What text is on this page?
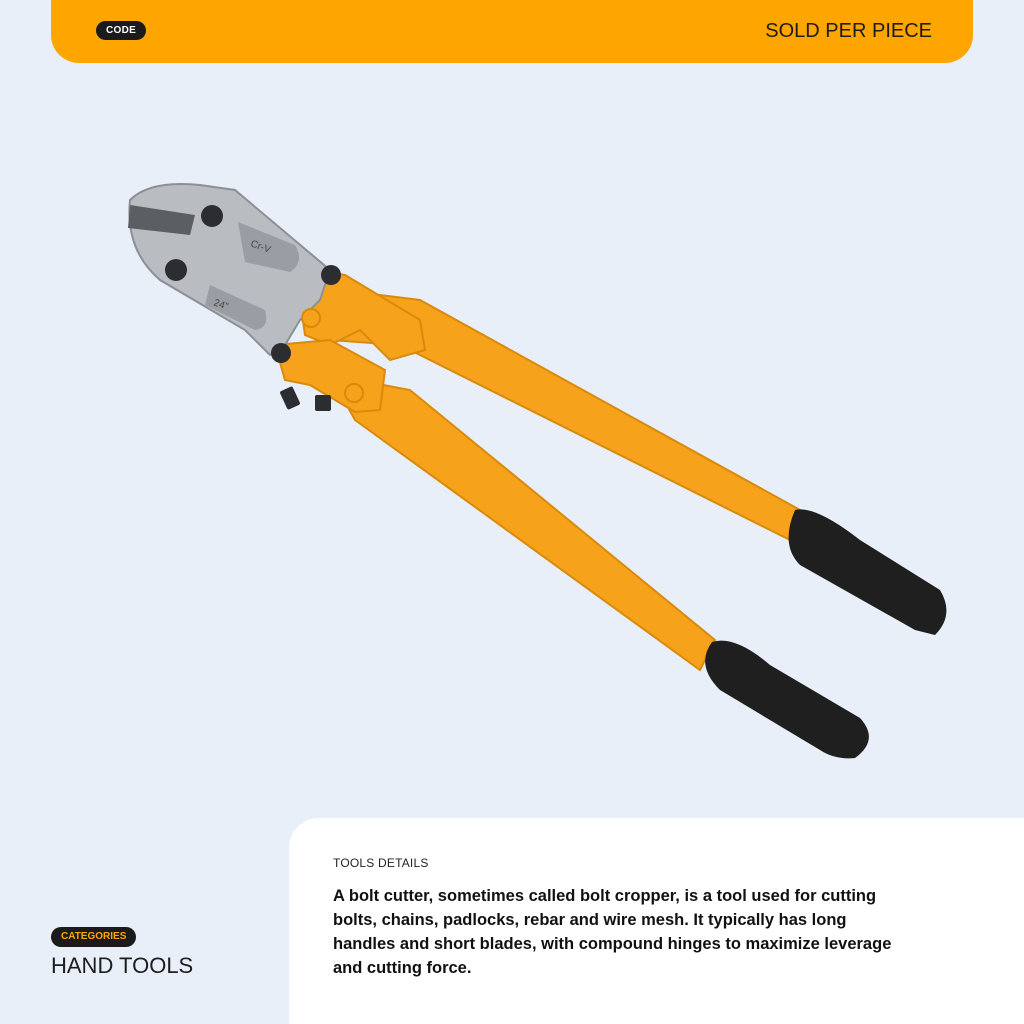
CODE	SOLD PER PIECE
Cr-V
24"
CATEGORIES
HAND TOOLS
TOOLS DETAILS
A bolt cutter, sometimes called bolt cropper, is a tool used for cutting bolts, chains, padlocks, rebar and wire mesh. It typically has long handles and short blades, with compound hinges to maximize leverage and cutting force.
